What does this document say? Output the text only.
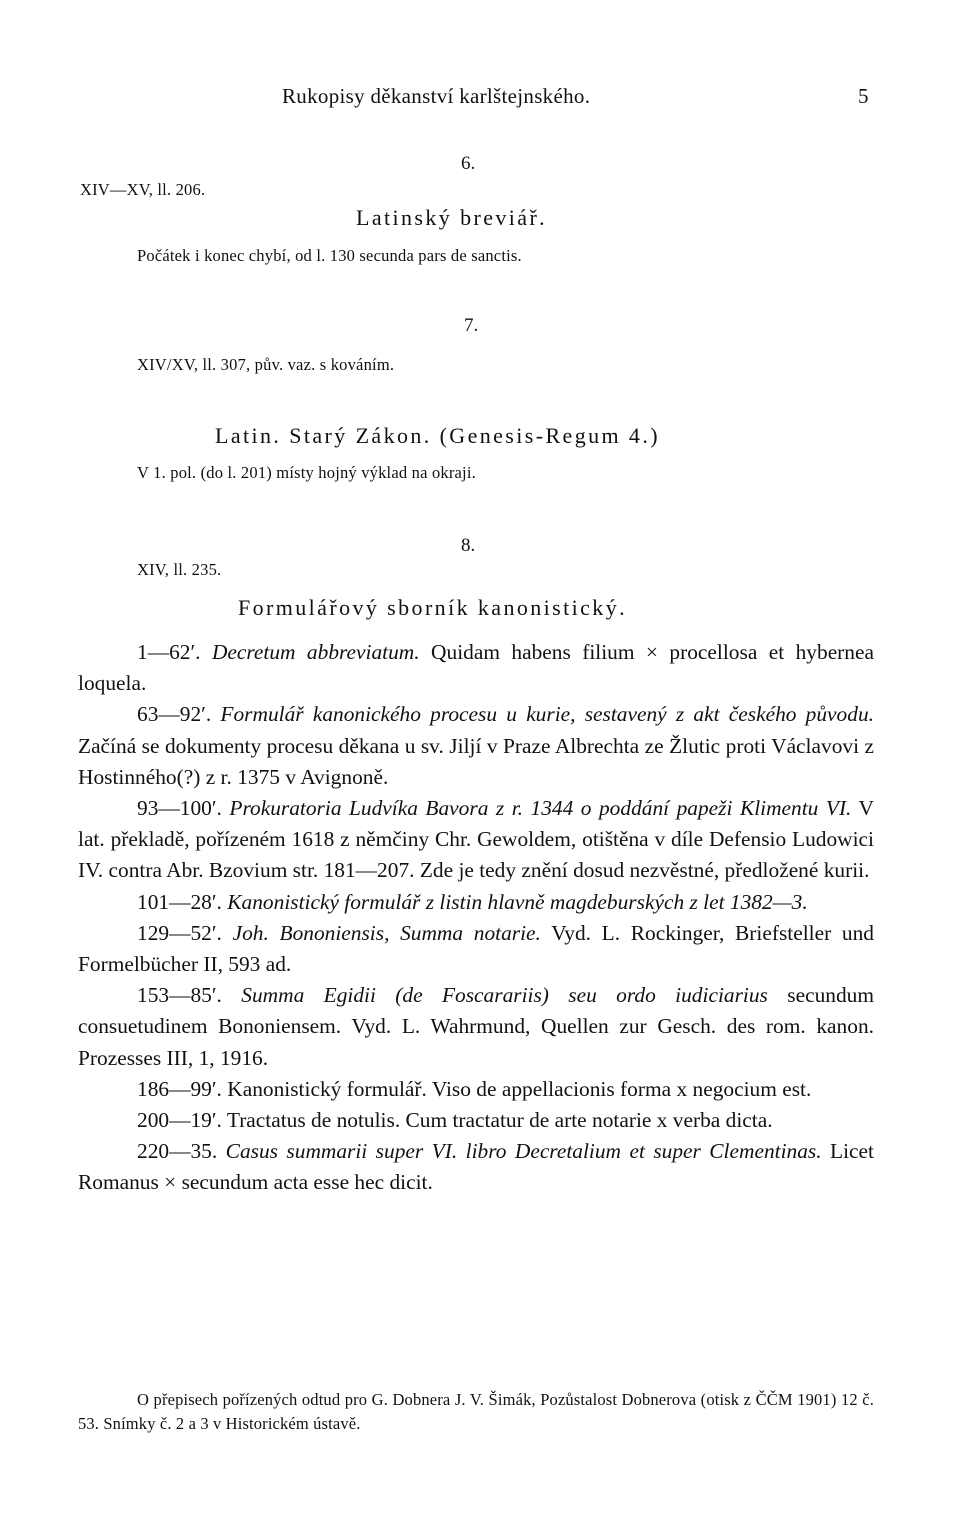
Rukopisy děkanství karlštejnského.	5
6.
XIV—XV, ll. 206.
Latinský breviář.
Počátek i konec chybí, od l. 130 secunda pars de sanctis.
7.
XIV/XV, ll. 307, pův. vaz. s kováním.
Latin. Starý Zákon. (Genesis-Regum 4.)
V 1. pol. (do l. 201) místy hojný výklad na okraji.
8.
XIV, ll. 235.
Formulářový sborník kanonistický.

1—62′. Decretum abbreviatum. Quidam habens filium × procellosa et hybernea loquela.

63—92′. Formulář kanonického procesu u kurie, sestavený z akt českého původu. Začíná se dokumenty procesu děkana u sv. Jiljí v Praze Albrechta ze Žlutic proti Václavovi z Hostinného(?) z r. 1375 v Avignoně.

93—100′. Prokuratoria Ludvíka Bavora z r. 1344 o poddání papeži Klimentu VI. V lat. překladě, pořízeném 1618 z němčiny Chr. Gewoldem, otištěna v díle Defensio Ludowici IV. contra Abr. Bzovium str. 181—207. Zde je tedy znění dosud nezvěstné, předložené kurii.

101—28′. Kanonistický formulář z listin hlavně magdeburských z let 1382—3.

129—52′. Joh. Bononiensis, Summa notarie. Vyd. L. Rockinger, Briefsteller und Formelbücher II, 593 ad.

153—85′. Summa Egidii (de Foscarariis) seu ordo iudiciarius secundum consuetudinem Bononiensem. Vyd. L. Wahrmund, Quellen zur Gesch. des rom. kanon. Prozesses III, 1, 1916.

186—99′. Kanonistický formulář. Viso de appellacionis forma x negocium est.

200—19′. Tractatus de notulis. Cum tractatur de arte notarie x verba dicta.

220—35. Casus summarii super VI. libro Decretalium et super Clementinas. Licet Romanus × secundum acta esse hec dicit.

O přepisech pořízených odtud pro G. Dobnera J. V. Šimák, Pozůstalost Dobnerova (otisk z ČČM 1901) 12 č. 53. Snímky č. 2 a 3 v Historickém ústavě.
